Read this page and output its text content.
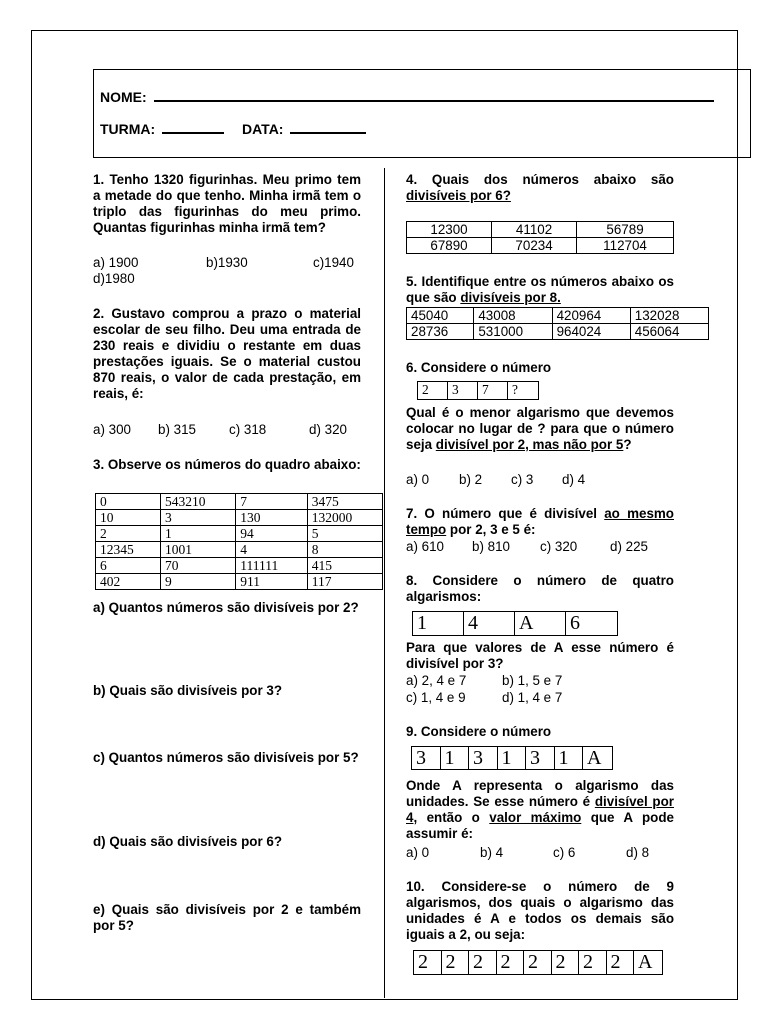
NOME:
TURMA:	DATA:
1. Tenho 1320 figurinhas. Meu primo tem a metade do que tenho. Minha irmã tem o triplo das figurinhas do meu primo. Quantas figurinhas minha irmã tem?
a) 1900	b)1930	c)1940
d)1980
2. Gustavo comprou a prazo o material escolar de seu filho. Deu uma entrada de 230 reais e dividiu o restante em duas prestações iguais. Se o material custou 870 reais, o valor de cada prestação, em reais, é:
a) 300 b) 315 c) 318	d) 320
3. Observe os números do quadro abaixo:
0	543210	7	3475
10	3	130	132000
2	1	94	5
12345	1001	4	8
6	70	111111	415
402	9	911	117
a) Quantos números são divisíveis por 2?
b) Quais são divisíveis por 3?
c) Quantos números são divisíveis por 5?
d) Quais são divisíveis por 6?
e) Quais são divisíveis por 2 e também por 5?
4. Quais dos números abaixo são divisíveis por 6?
12300	41102	56789
67890	70234	112704
5. Identifique entre os números abaixo os que são divisíveis por 8.
45040	43008	420964	132028
28736	531000	964024	456064
6. Considere o número
2	3	7	?
Qual é o menor algarismo que devemos colocar no lugar de ? para que o número seja divisível por 2, mas não por 5?
a) 0 b) 2 c) 3 d) 4
7. O número que é divisível ao mesmo tempo por 2, 3 e 5 é:
a) 610 b) 810 c) 320 d) 225
8. Considere o número de quatro algarismos:
1	4	A	6
Para que valores de A esse número é divisível por 3?
a) 2, 4 e 7	b) 1, 5 e 7
c) 1, 4 e 9	d) 1, 4 e 7
9. Considere o número
3 1 3 1 3 1 A
Onde A representa o algarismo das unidades. Se esse número é divisível por 4, então o valor máximo que A pode assumir é:
a) 0	b) 4	c) 6	d) 8
10. Considere-se o número de 9 algarismos, dos quais o algarismo das unidades é A e todos os demais são iguais a 2, ou seja:
2 2 2 2 2 2 2 2 A
